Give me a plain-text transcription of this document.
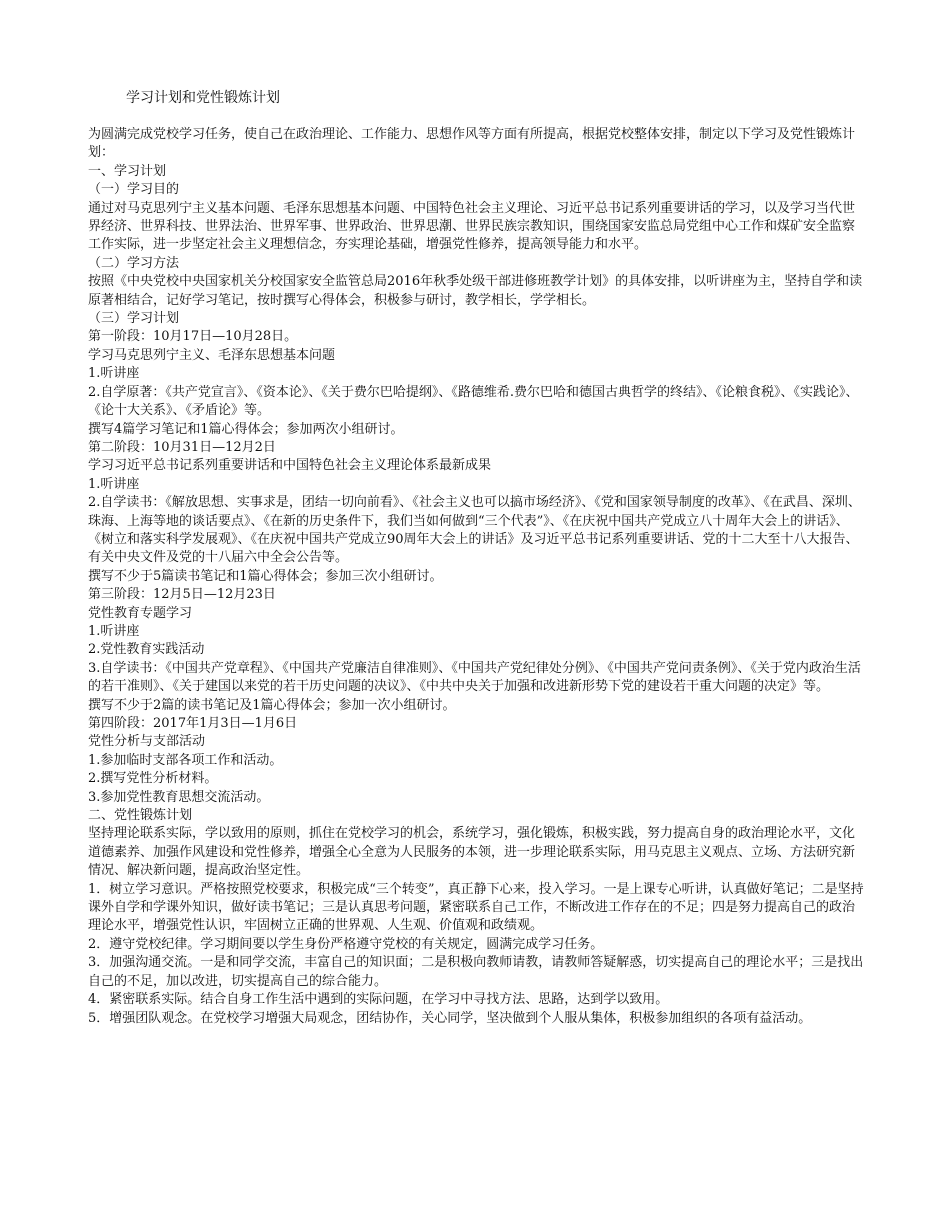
学习计划和党性锻炼计划

为圆满完成党校学习任务，使自己在政治理论、工作能力、思想作风等方面有所提高，根据党校整体安排，制定以下学习及党性锻炼计划：

一、学习计划

（一）学习目的

通过对马克思列宁主义基本问题、毛泽东思想基本问题、中国特色社会主义理论、习近平总书记系列重要讲话的学习，以及学习当代世界经济、世界科技、世界法治、世界军事、世界政治、世界思潮、世界民族宗教知识，围绕国家安监总局党组中心工作和煤矿安全监察工作实际，进一步坚定社会主义理想信念，夯实理论基础，增强党性修养，提高领导能力和水平。

（二）学习方法

按照《中央党校中央国家机关分校国家安全监管总局2016年秋季处级干部进修班教学计划》的具体安排，以听讲座为主，坚持自学和读原著相结合，记好学习笔记，按时撰写心得体会，积极参与研讨，教学相长，学学相长。

（三）学习计划

第一阶段：10月17日—10月28日。

学习马克思列宁主义、毛泽东思想基本问题

1.听讲座

2.自学原著：《共产党宣言》、《资本论》、《关于费尔巴哈提纲》、《路德维希.费尔巴哈和德国古典哲学的终结》、《论粮食税》、《实践论》、《论十大关系》、《矛盾论》等。

撰写4篇学习笔记和1篇心得体会；参加两次小组研讨。

第二阶段：10月31日—12月2日

学习习近平总书记系列重要讲话和中国特色社会主义理论体系最新成果

1.听讲座

2.自学读书：《解放思想、实事求是，团结一切向前看》、《社会主义也可以搞市场经济》、《党和国家领导制度的改革》、《在武昌、深圳、珠海、上海等地的谈话要点》、《在新的历史条件下，我们当如何做到“三个代表”》、《在庆祝中国共产党成立八十周年大会上的讲话》、《树立和落实科学发展观》、《在庆祝中国共产党成立90周年大会上的讲话》及习近平总书记系列重要讲话、党的十二大至十八大报告、有关中央文件及党的十八届六中全会公告等。

撰写不少于5篇读书笔记和1篇心得体会；参加三次小组研讨。

第三阶段：12月5日—12月23日

党性教育专题学习

1.听讲座

2.党性教育实践活动

3.自学读书：《中国共产党章程》、《中国共产党廉洁自律准则》、《中国共产党纪律处分例》、《中国共产党问责条例》、《关于党内政治生活的若干准则》、《关于建国以来党的若干历史问题的决议》、《中共中央关于加强和改进新形势下党的建设若干重大问题的决定》等。

撰写不少于2篇的读书笔记及1篇心得体会；参加一次小组研讨。

第四阶段：2017年1月3日—1月6日

党性分析与支部活动

1.参加临时支部各项工作和活动。

2.撰写党性分析材料。

3.参加党性教育思想交流活动。

二、党性锻炼计划

坚持理论联系实际，学以致用的原则，抓住在党校学习的机会，系统学习，强化锻炼，积极实践，努力提高自身的政治理论水平，文化道德素养、加强作风建设和党性修养，增强全心全意为人民服务的本领，进一步理论联系实际，用马克思主义观点、立场、方法研究新情况、解决新问题，提高政治坚定性。

1．树立学习意识。严格按照党校要求，积极完成“三个转变”，真正静下心来，投入学习。一是上课专心听讲，认真做好笔记；二是坚持课外自学和学课外知识，做好读书笔记；三是认真思考问题，紧密联系自己工作，不断改进工作存在的不足；四是努力提高自己的政治理论水平，增强党性认识，牢固树立正确的世界观、人生观、价值观和政绩观。

2．遵守党校纪律。学习期间要以学生身份严格遵守党校的有关规定，圆满完成学习任务。

3．加强沟通交流。一是和同学交流，丰富自己的知识面；二是积极向教师请教，请教师答疑解惑，切实提高自己的理论水平；三是找出自己的不足，加以改进，切实提高自己的综合能力。

4．紧密联系实际。结合自身工作生活中遇到的实际问题，在学习中寻找方法、思路，达到学以致用。

5．增强团队观念。在党校学习增强大局观念，团结协作，关心同学，坚决做到个人服从集体，积极参加组织的各项有益活动。
